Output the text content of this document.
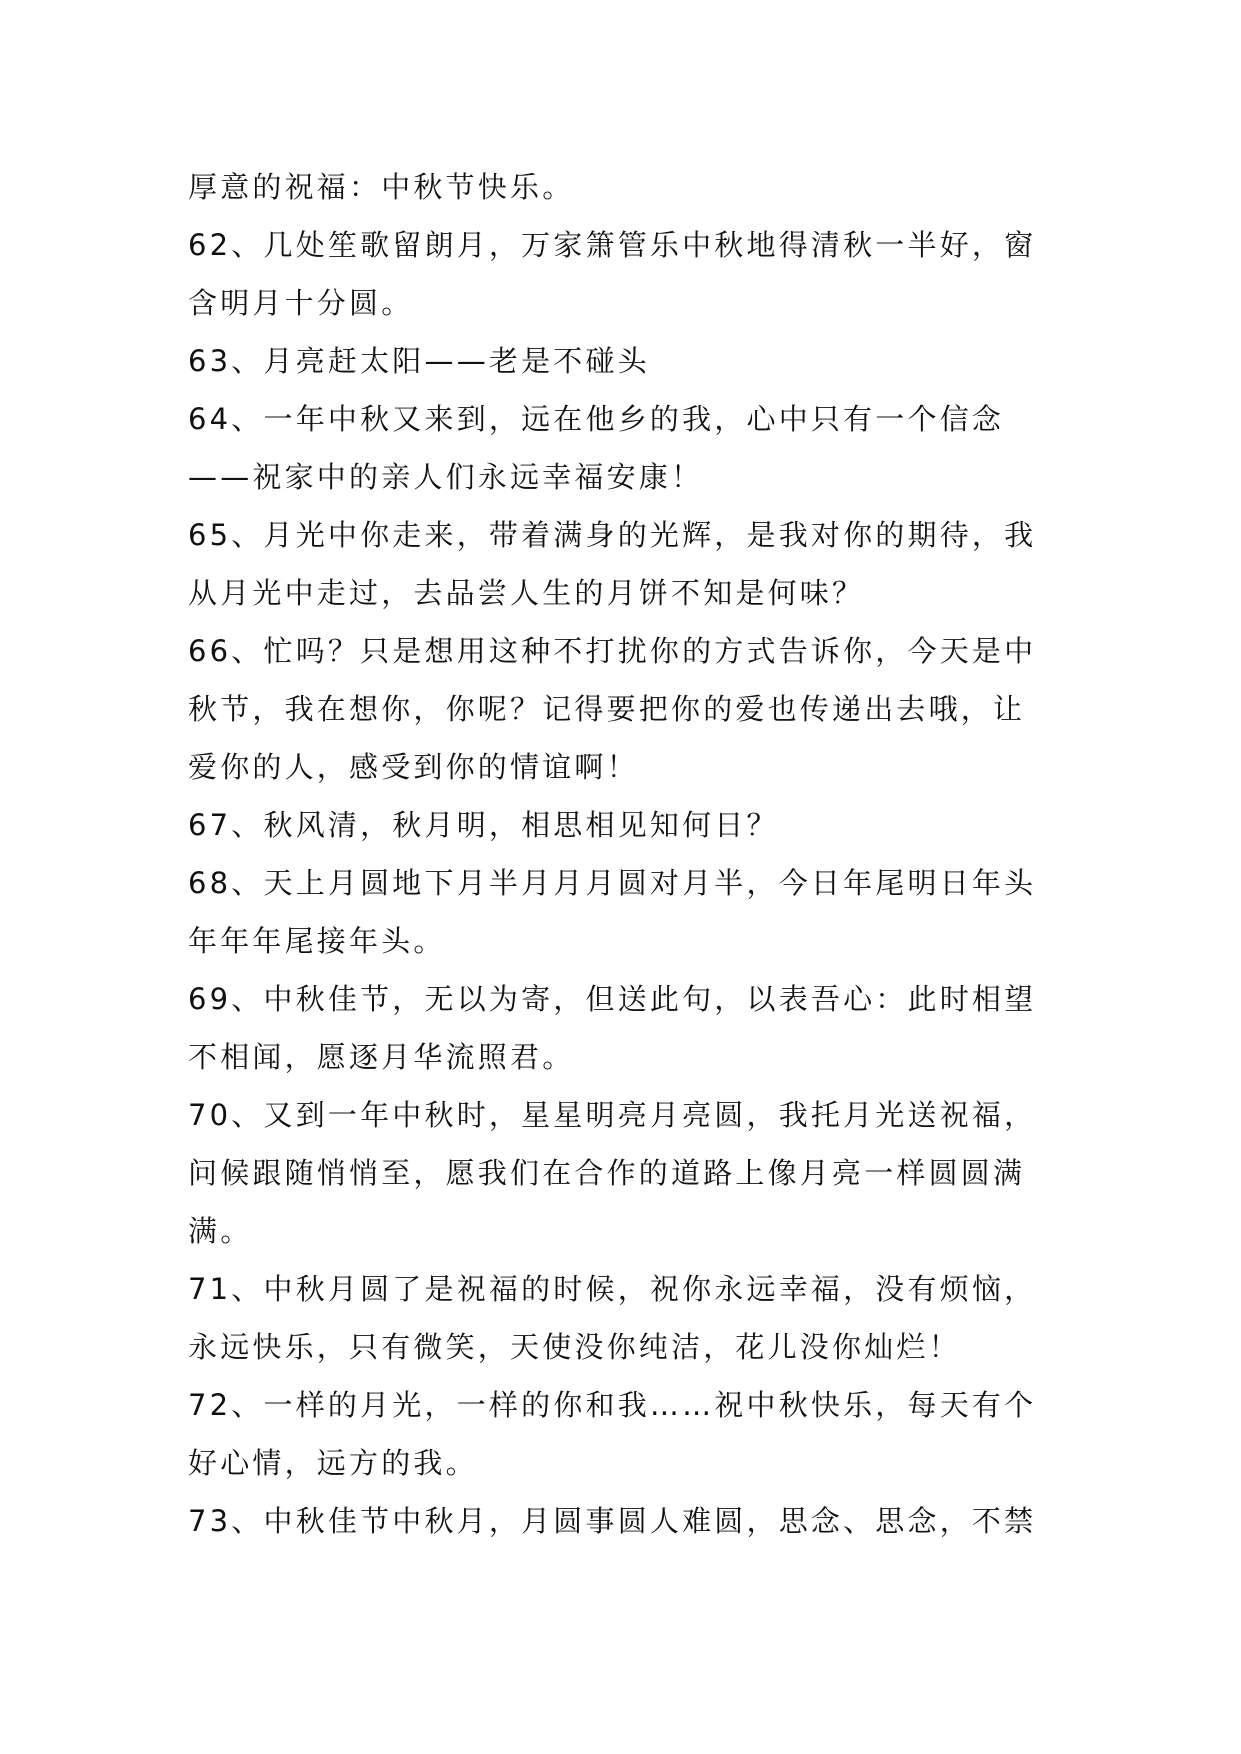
厚意的祝福：中秋节快乐。
62、几处笙歌留朗月，万家箫管乐中秋地得清秋一半好，窗
含明月十分圆。
63、月亮赶太阳——老是不碰头
64、一年中秋又来到，远在他乡的我，心中只有一个信念
——祝家中的亲人们永远幸福安康！
65、月光中你走来，带着满身的光辉，是我对你的期待，我
从月光中走过，去品尝人生的月饼不知是何味？
66、忙吗？只是想用这种不打扰你的方式告诉你，今天是中
秋节，我在想你，你呢？记得要把你的爱也传递出去哦，让
爱你的人，感受到你的情谊啊！
67、秋风清，秋月明，相思相见知何日？
68、天上月圆地下月半月月月圆对月半，今日年尾明日年头
年年年尾接年头。
69、中秋佳节，无以为寄，但送此句，以表吾心：此时相望
不相闻，愿逐月华流照君。
70、又到一年中秋时，星星明亮月亮圆，我托月光送祝福，
问候跟随悄悄至，愿我们在合作的道路上像月亮一样圆圆满
满。
71、中秋月圆了是祝福的时候，祝你永远幸福，没有烦恼，
永远快乐，只有微笑，天使没你纯洁，花儿没你灿烂！
72、一样的月光，一样的你和我……祝中秋快乐，每天有个
好心情，远方的我。
73、中秋佳节中秋月，月圆事圆人难圆，思念、思念，不禁
